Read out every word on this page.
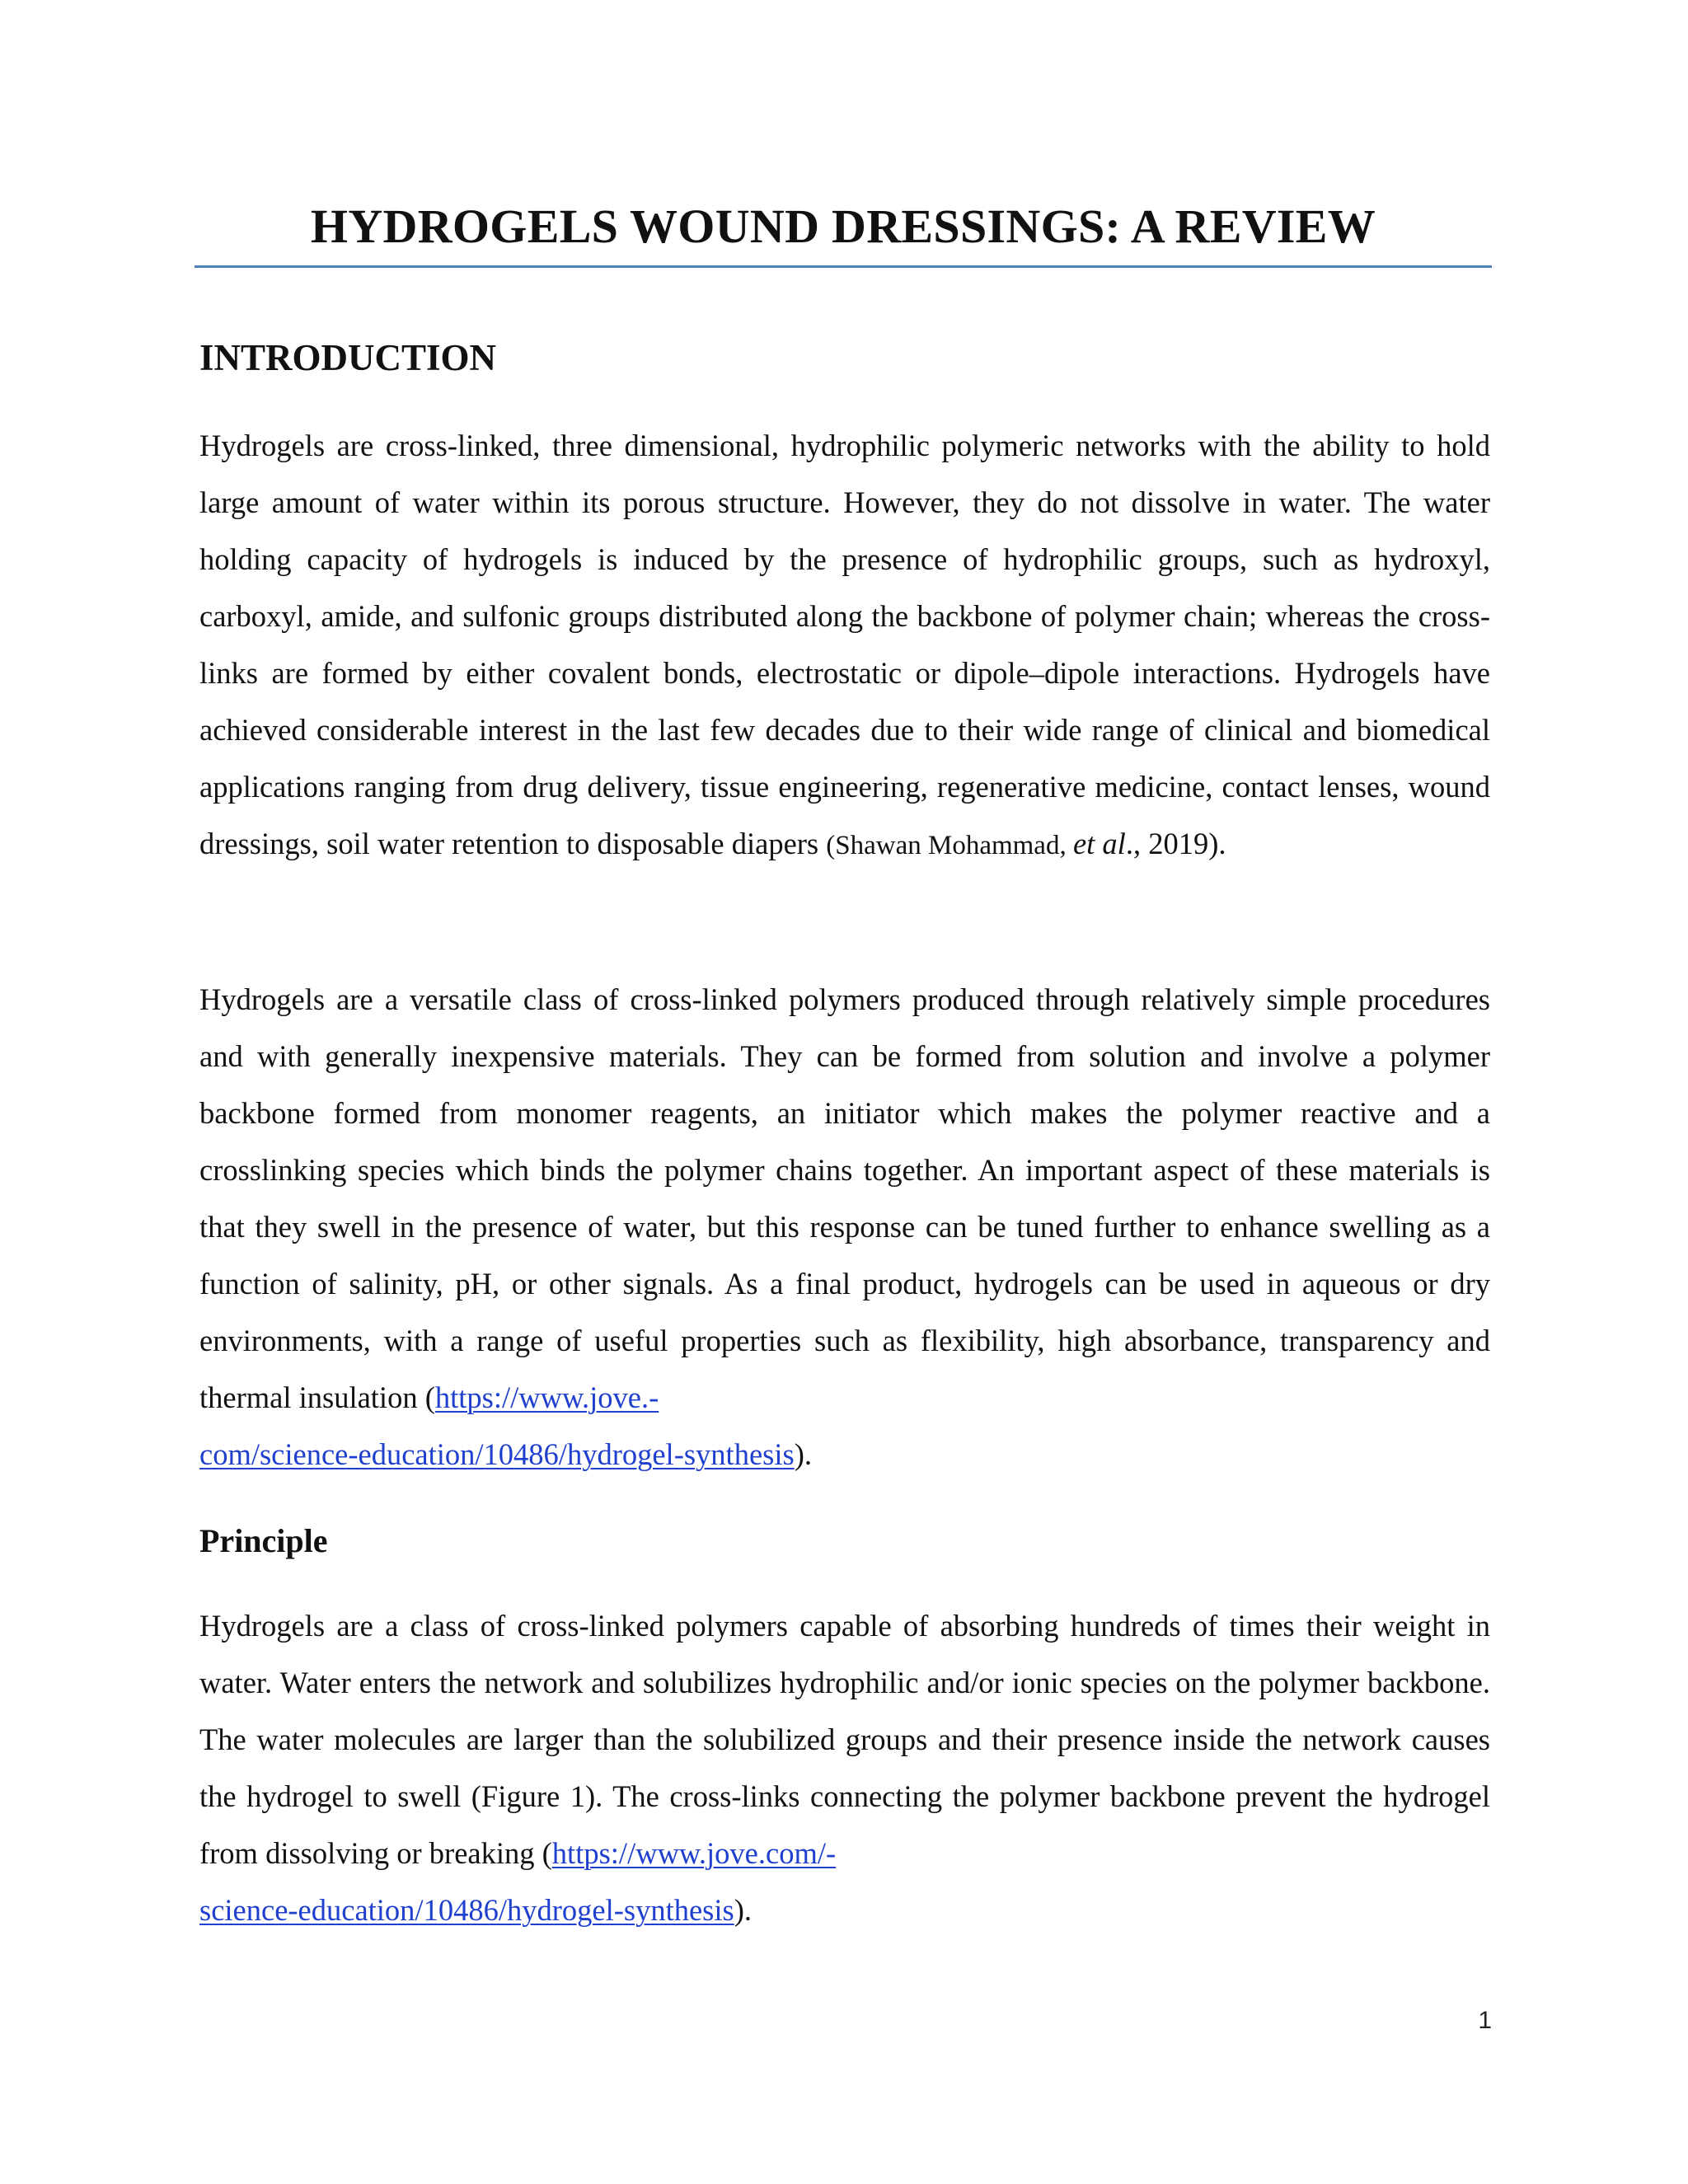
HYDROGELS WOUND DRESSINGS: A REVIEW
INTRODUCTION

Hydrogels are cross-linked, three dimensional, hydrophilic polymeric networks with the ability to hold large amount of water within its porous structure. However, they do not dissolve in water. The water holding capacity of hydrogels is induced by the presence of hydrophilic groups, such as hydroxyl, carboxyl, amide, and sulfonic groups distributed along the backbone of polymer chain; whereas the cross-links are formed by either covalent bonds, electrostatic or dipole–dipole interactions. Hydrogels have achieved considerable interest in the last few decades due to their wide range of clinical and biomedical applications ranging from drug delivery, tissue engineering, regenerative medicine, contact lenses, wound dressings, soil water retention to disposable diapers (Shawan Mohammad, et al., 2019).

Hydrogels are a versatile class of cross-linked polymers produced through relatively simple procedures and with generally inexpensive materials. They can be formed from solution and involve a polymer backbone formed from monomer reagents, an initiator which makes the polymer reactive and a crosslinking species which binds the polymer chains together. An important aspect of these materials is that they swell in the presence of water, but this response can be tuned further to enhance swelling as a function of salinity, pH, or other signals. As a final product, hydrogels can be used in aqueous or dry environments, with a range of useful properties such as flexibility, high absorbance, transparency and thermal insulation (https://www.jove.-
com/science-education/10486/hydrogel-synthesis).

Principle

Hydrogels are a class of cross-linked polymers capable of absorbing hundreds of times their weight in water. Water enters the network and solubilizes hydrophilic and/or ionic species on the polymer backbone. The water molecules are larger than the solubilized groups and their presence inside the network causes the hydrogel to swell (Figure 1). The cross-links connecting the polymer backbone prevent the hydrogel from dissolving or breaking (https://www.jove.com/-
science-education/10486/hydrogel-synthesis).

1
